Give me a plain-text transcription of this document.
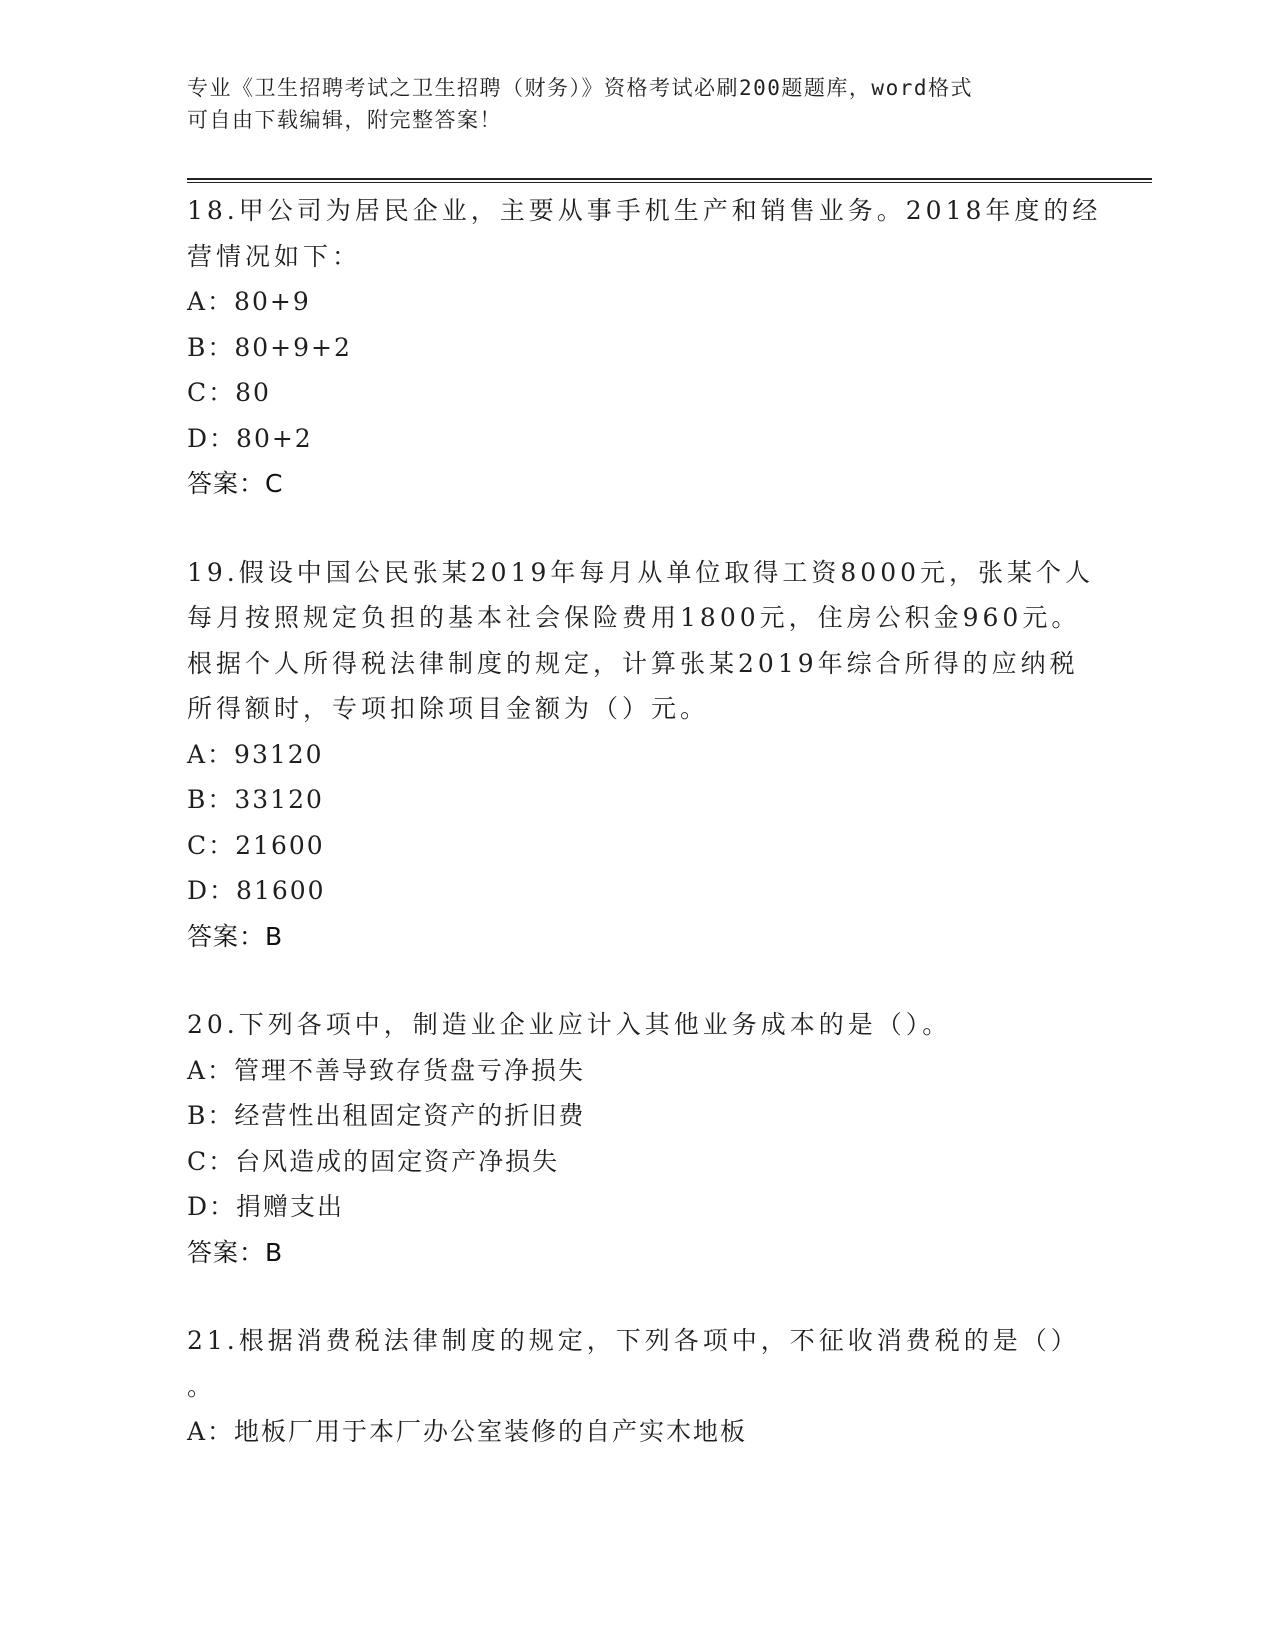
专业《卫生招聘考试之卫生招聘（财务）》资格考试必刷200题题库，word格式
可自由下载编辑，附完整答案！
18.甲公司为居民企业，主要从事手机生产和销售业务。2018年度的经
营情况如下：
A：80+9
B：80+9+2
C：80
D：80+2
答案：C
19.假设中国公民张某2019年每月从单位取得工资8000元，张某个人
每月按照规定负担的基本社会保险费用1800元，住房公积金960元。
根据个人所得税法律制度的规定，计算张某2019年综合所得的应纳税
所得额时，专项扣除项目金额为（）元。
A：93120
B：33120
C：21600
D：81600
答案：B
20.下列各项中，制造业企业应计入其他业务成本的是（）。
A：管理不善导致存货盘亏净损失
B：经营性出租固定资产的折旧费
C：台风造成的固定资产净损失
D：捐赠支出
答案：B
21.根据消费税法律制度的规定，下列各项中，不征收消费税的是（）
。
A：地板厂用于本厂办公室装修的自产实木地板
